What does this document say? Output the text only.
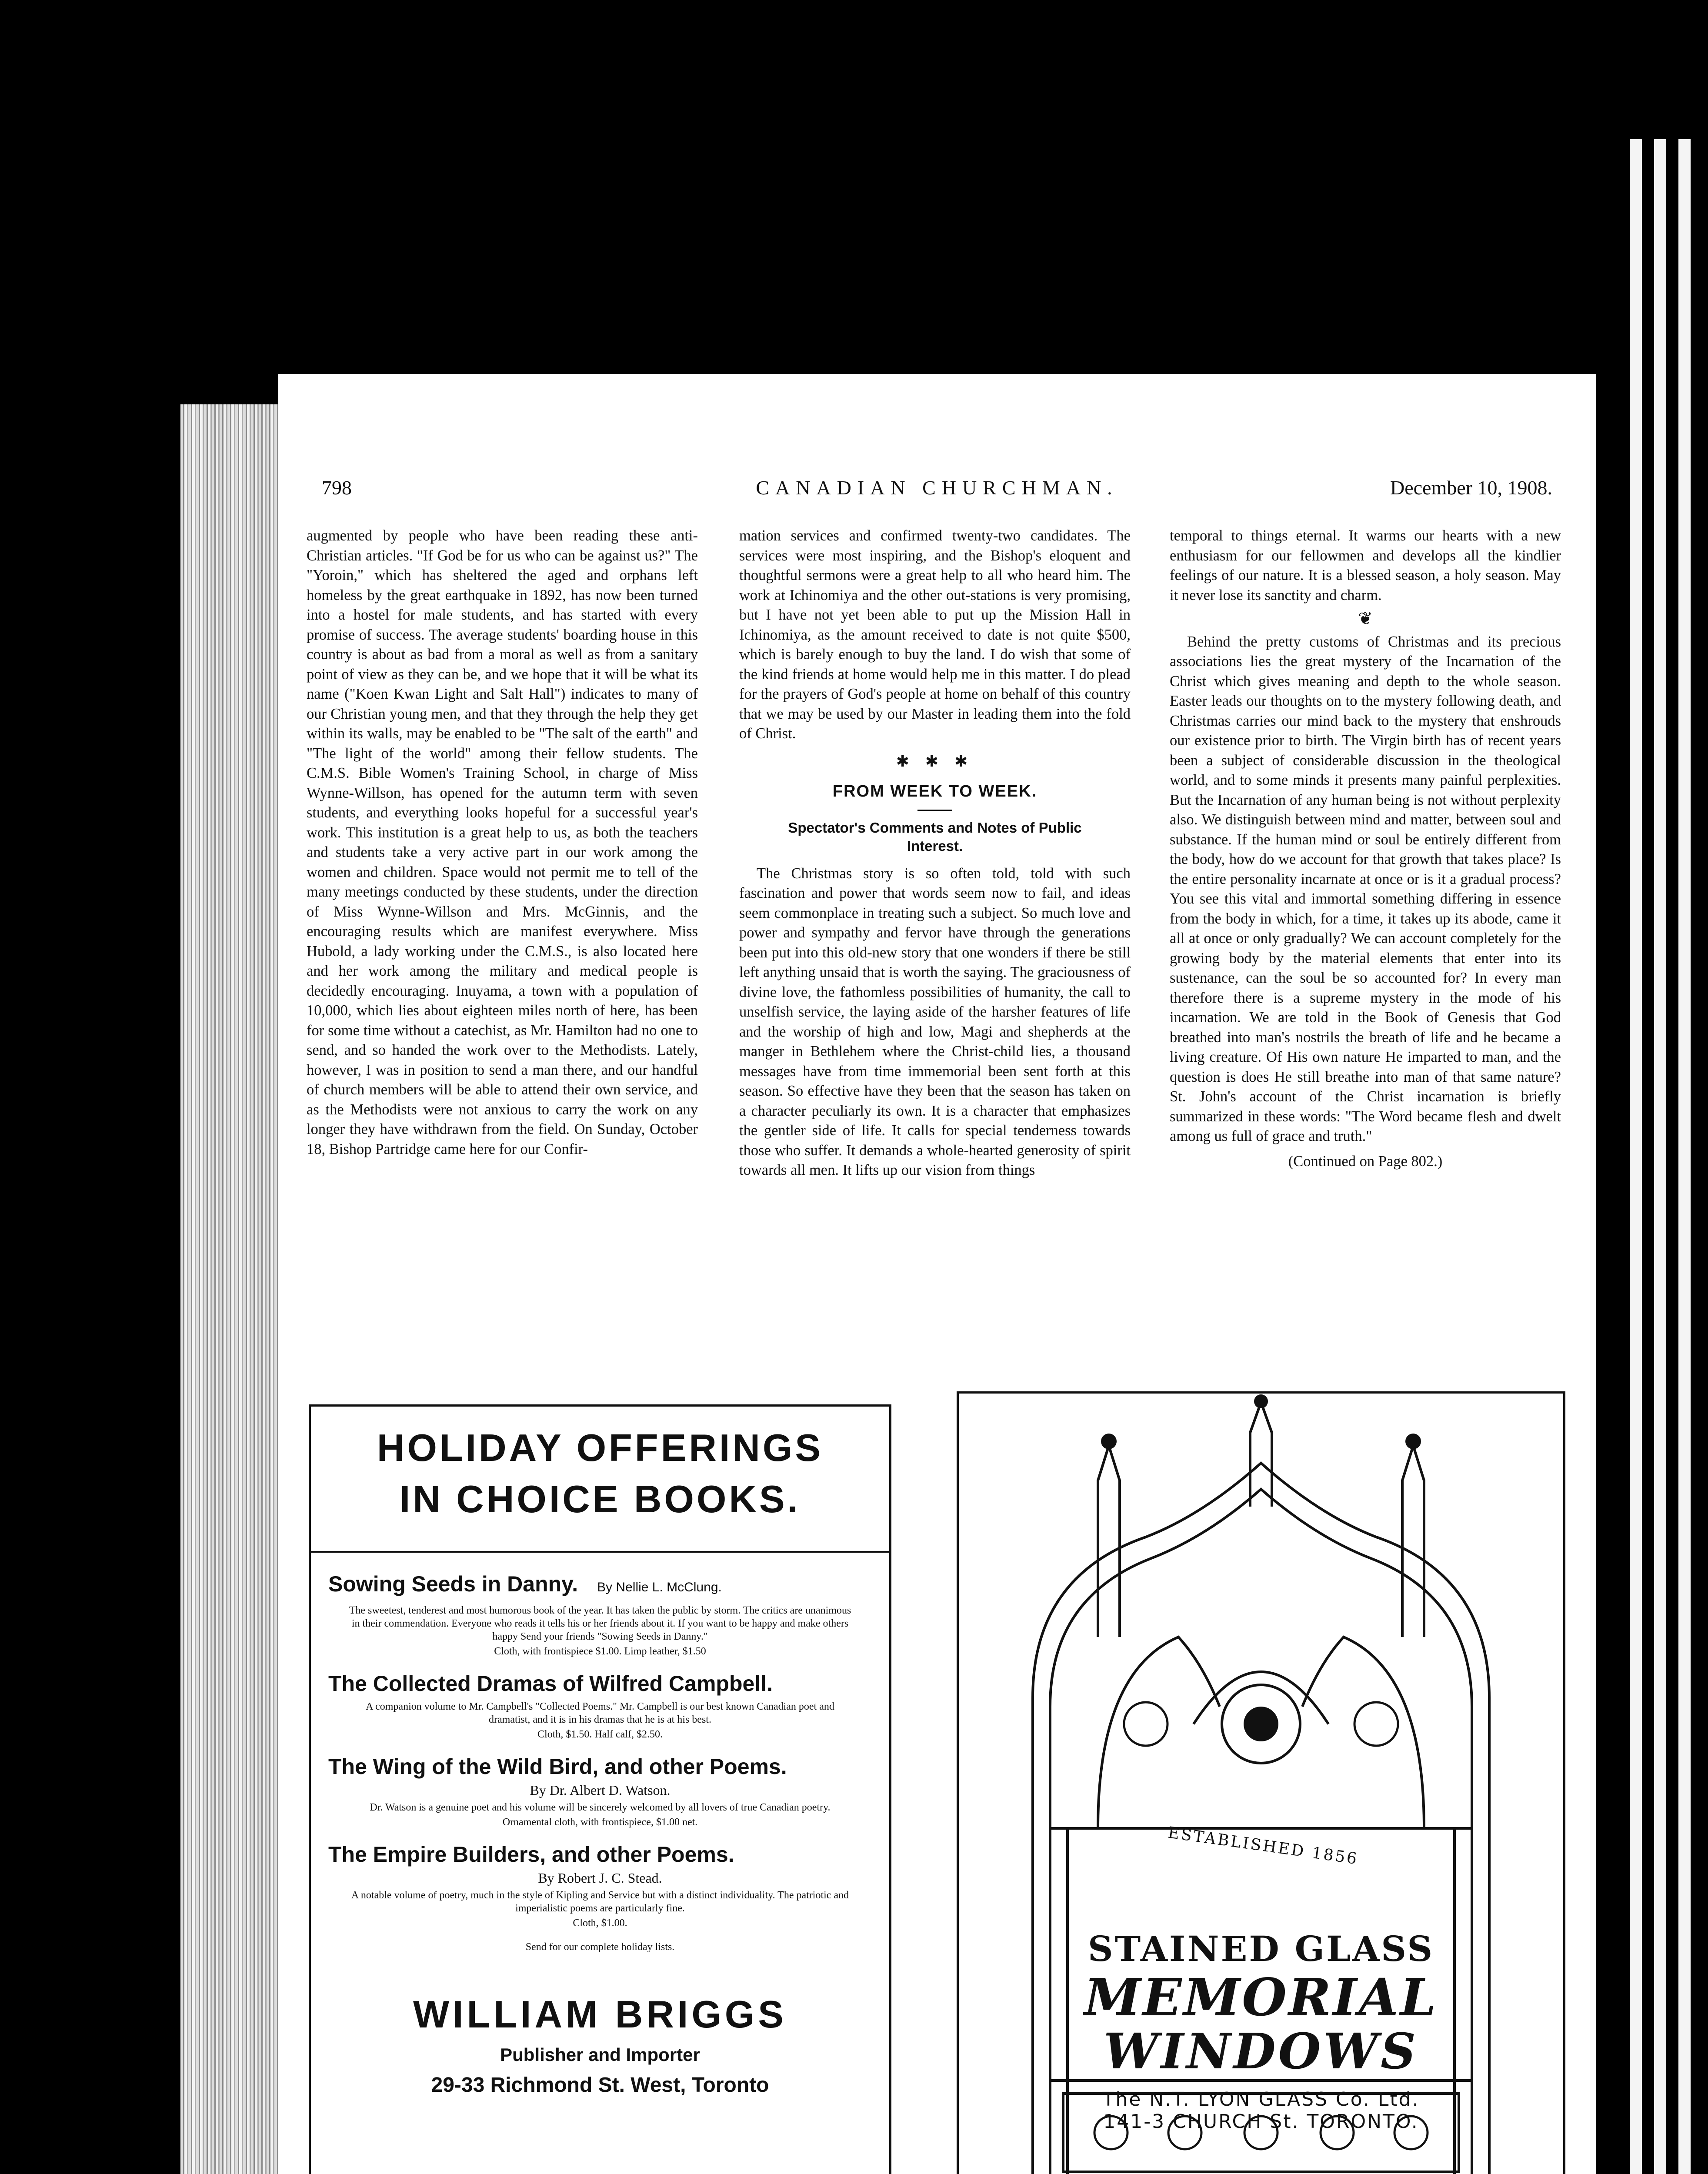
798	CANADIAN CHURCHMAN.	December 10, 1908.

augmented by people who have been reading these anti-Christian articles. "If God be for us who can be against us?" The "Yoroin," which has sheltered the aged and orphans left homeless by the great earthquake in 1892, has now been turned into a hostel for male students, and has started with every promise of success. The average students' boarding house in this country is about as bad from a moral as well as from a sanitary point of view as they can be, and we hope that it will be what its name ("Koen Kwan Light and Salt Hall") indicates to many of our Christian young men, and that they through the help they get within its walls, may be enabled to be "The salt of the earth" and "The light of the world" among their fellow students. The C.M.S. Bible Women's Training School, in charge of Miss Wynne-Willson, has opened for the autumn term with seven students, and everything looks hopeful for a successful year's work. This institution is a great help to us, as both the teachers and students take a very active part in our work among the women and children. Space would not permit me to tell of the many meetings conducted by these students, under the direction of Miss Wynne-Willson and Mrs. McGinnis, and the encouraging results which are manifest everywhere. Miss Hubold, a lady working under the C.M.S., is also located here and her work among the military and medical people is decidedly encouraging. Inuyama, a town with a population of 10,000, which lies about eighteen miles north of here, has been for some time without a catechist, as Mr. Hamilton had no one to send, and so handed the work over to the Methodists. Lately, however, I was in position to send a man there, and our handful of church members will be able to attend their own service, and as the Methodists were not anxious to carry the work on any longer they have withdrawn from the field. On Sunday, October 18, Bishop Partridge came here for our Confir-

mation services and confirmed twenty-two candidates. The services were most inspiring, and the Bishop's eloquent and thoughtful sermons were a great help to all who heard him. The work at Ichinomiya and the other out-stations is very promising, but I have not yet been able to put up the Mission Hall in Ichinomiya, as the amount received to date is not quite $500, which is barely enough to buy the land. I do wish that some of the kind friends at home would help me in this matter. I do plead for the prayers of God's people at home on behalf of this country that we may be used by our Master in leading them into the fold of Christ.

✱ ✱ ✱
FROM WEEK TO WEEK.
Spectator's Comments and Notes of Public Interest.

The Christmas story is so often told, told with such fascination and power that words seem now to fail, and ideas seem commonplace in treating such a subject. So much love and power and sympathy and fervor have through the generations been put into this old-new story that one wonders if there be still left anything unsaid that is worth the saying. The graciousness of divine love, the fathomless possibilities of humanity, the call to unselfish service, the laying aside of the harsher features of life and the worship of high and low, Magi and shepherds at the manger in Bethlehem where the Christ-child lies, a thousand messages have from time immemorial been sent forth at this season. So effective have they been that the season has taken on a character peculiarly its own. It is a character that emphasizes the gentler side of life. It calls for special tenderness towards those who suffer. It demands a whole-hearted generosity of spirit towards all men. It lifts up our vision from things

temporal to things eternal. It warms our hearts with a new enthusiasm for our fellowmen and develops all the kindlier feelings of our nature. It is a blessed season, a holy season. May it never lose its sanctity and charm.

❦

Behind the pretty customs of Christmas and its precious associations lies the great mystery of the Incarnation of the Christ which gives meaning and depth to the whole season. Easter leads our thoughts on to the mystery following death, and Christmas carries our mind back to the mystery that enshrouds our existence prior to birth. The Virgin birth has of recent years been a subject of considerable discussion in the theological world, and to some minds it presents many painful perplexities. But the Incarnation of any human being is not without perplexity also. We distinguish between mind and matter, between soul and substance. If the human mind or soul be entirely different from the body, how do we account for that growth that takes place? Is the entire personality incarnate at once or is it a gradual process? You see this vital and immortal something differing in essence from the body in which, for a time, it takes up its abode, came it all at once or only gradually? We can account completely for the growing body by the material elements that enter into its sustenance, can the soul be so accounted for? In every man therefore there is a supreme mystery in the mode of his incarnation. We are told in the Book of Genesis that God breathed into man's nostrils the breath of life and he became a living creature. Of His own nature He imparted to man, and the question is does He still breathe into man of that same nature? St. John's account of the Christ incarnation is briefly summarized in these words: "The Word became flesh and dwelt among us full of grace and truth."

(Continued on Page 802.)

HOLIDAY OFFERINGS
IN CHOICE BOOKS.
Sowing Seeds in Danny. By Nellie L. McClung.
The sweetest, tenderest and most humorous book of the year. It has taken the public by storm. The critics are unanimous in their commendation. Everyone who reads it tells his or her friends about it. If you want to be happy and make others happy Send your friends "Sowing Seeds in Danny."
Cloth, with frontispiece $1.00. Limp leather, $1.50
The Collected Dramas of Wilfred Campbell.
A companion volume to Mr. Campbell's "Collected Poems." Mr. Campbell is our best known Canadian poet and dramatist, and it is in his dramas that he is at his best.
Cloth, $1.50. Half calf, $2.50.
The Wing of the Wild Bird, and other Poems.
By Dr. Albert D. Watson.
Dr. Watson is a genuine poet and his volume will be sincerely welcomed by all lovers of true Canadian poetry.
Ornamental cloth, with frontispiece, $1.00 net.
The Empire Builders, and other Poems.
By Robert J. C. Stead.
A notable volume of poetry, much in the style of Kipling and Service but with a distinct individuality. The patriotic and imperialistic poems are particularly fine.
Cloth, $1.00.
Send for our complete holiday lists.
WILLIAM BRIGGS
Publisher and Importer
29-33 Richmond St. West, Toronto
ESTABLISHED 1856
STAINED GLASS
MEMORIAL
WINDOWS
The N.T. LYON GLASS Co. Ltd.
141-3 CHURCH St. TORONTO.
